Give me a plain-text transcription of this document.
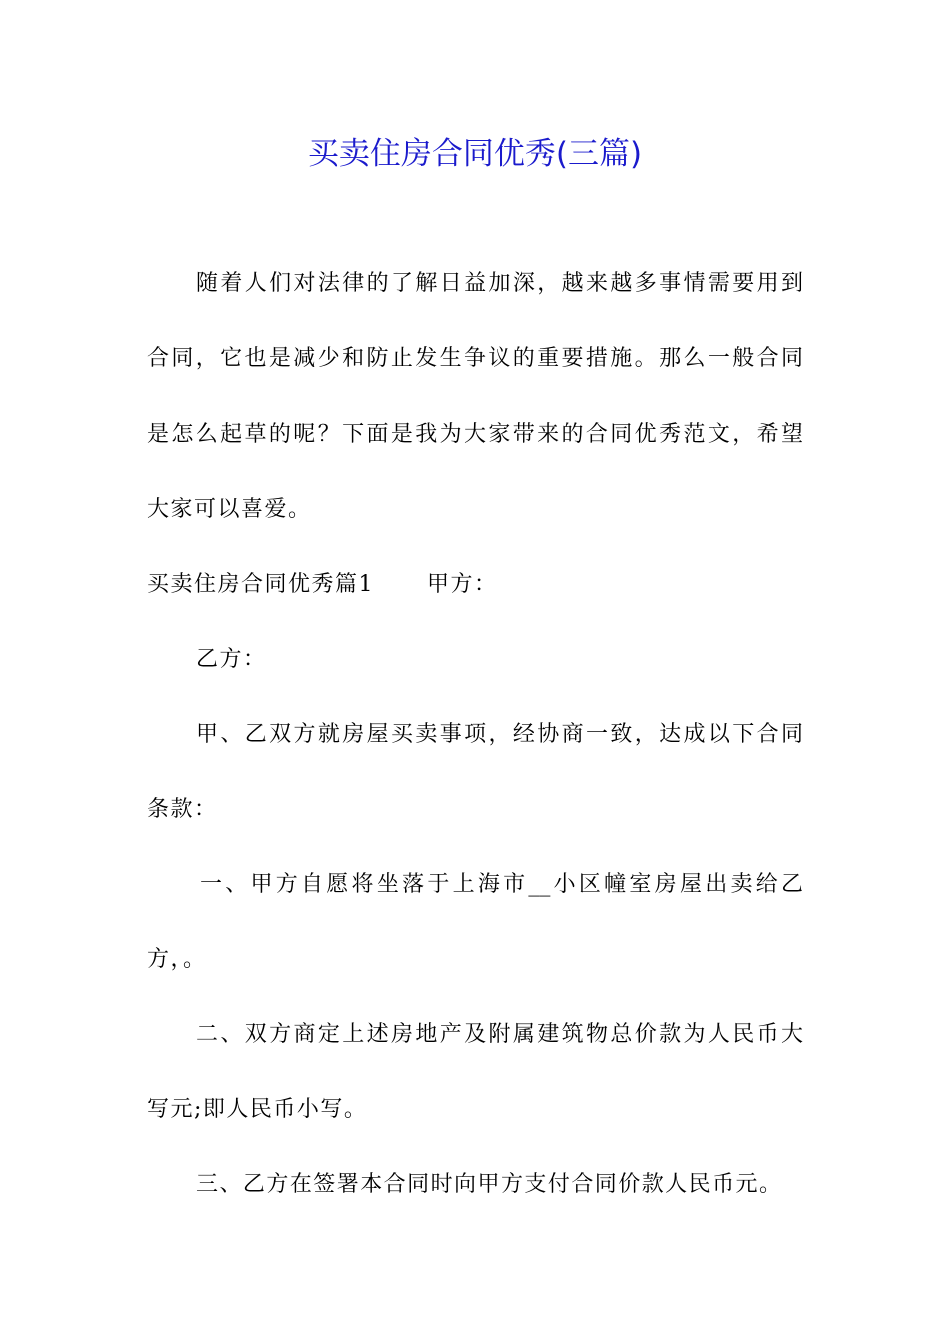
买卖住房合同优秀(三篇)
随着人们对法律的了解日益加深，越来越多事情需要用到
合同，它也是减少和防止发生争议的重要措施。那么一般合同
是怎么起草的呢？下面是我为大家带来的合同优秀范文，希望
大家可以喜爱。
买卖住房合同优秀篇1 甲方：
乙方：
甲、乙双方就房屋买卖事项，经协商一致，达成以下合同
条款：
一、甲方自愿将坐落于上海市__小区幢室房屋出卖给乙
方，。
二、双方商定上述房地产及附属建筑物总价款为人民币大
写元;即人民币小写。
三、乙方在签署本合同时向甲方支付合同价款人民币元。
